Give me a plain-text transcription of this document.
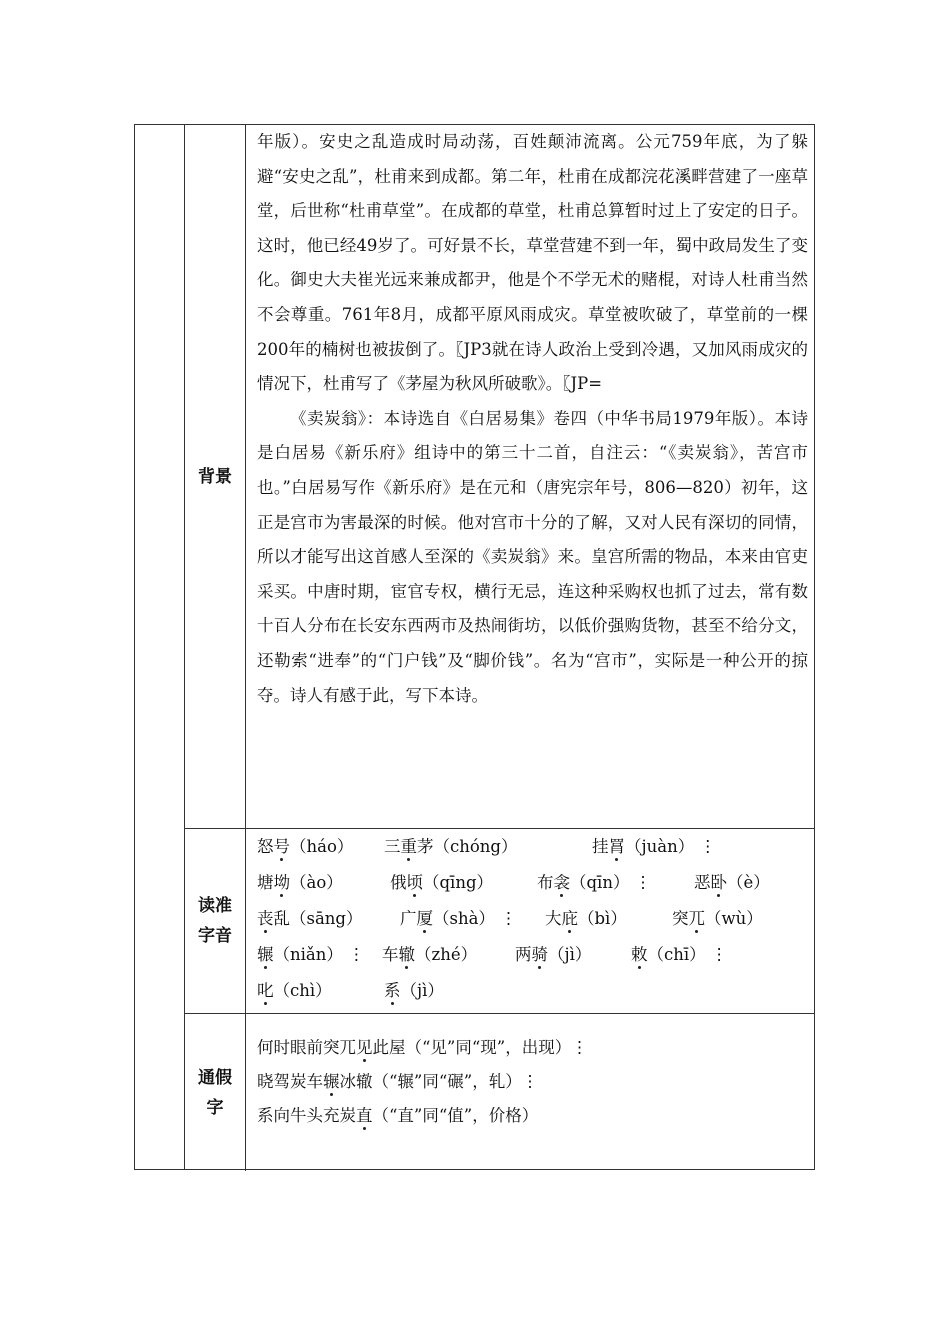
背景

年版）。安史之乱造成时局动荡，百姓颠沛流离。公元759年底，为了躲避“安史之乱”，杜甫来到成都。第二年，杜甫在成都浣花溪畔营建了一座草堂，后世称“杜甫草堂”。在成都的草堂，杜甫总算暂时过上了安定的日子。这时，他已经49岁了。可好景不长，草堂营建不到一年，蜀中政局发生了变化。御史大夫崔光远来兼成都尹，他是个不学无术的赌棍，对诗人杜甫当然不会尊重。761年8月，成都平原风雨成灾。草堂被吹破了，草堂前的一棵200年的楠树也被拔倒了。〖JP3就在诗人政治上受到冷遇，又加风雨成灾的情况下，杜甫写了《茅屋为秋风所破歌》。〖JP=

《卖炭翁》：本诗选自《白居易集》卷四（中华书局1979年版）。本诗是白居易《新乐府》组诗中的第三十二首，自注云：“《卖炭翁》，苦宫市也。”白居易写作《新乐府》是在元和（唐宪宗年号，806—820）初年，这正是宫市为害最深的时候。他对宫市十分的了解，又对人民有深切的同情，所以才能写出这首感人至深的《卖炭翁》来。皇宫所需的物品，本来由官吏采买。中唐时期，宦官专权，横行无忌，连这种采购权也抓了过去，常有数十百人分布在长安东西两市及热闹街坊，以低价强购货物，甚至不给分文，还勒索“进奉”的“门户钱”及“脚价钱”。名为“宫市”，实际是一种公开的掠夺。诗人有感于此，写下本诗。

读准
字音
怒号（háo） 三重茅（chóng）	挂罥（juàn） ⋮
塘坳（ào）	俄顷（qīng）	布衾（qīn） ⋮	恶卧（è）
丧乱（sāng） 广厦（shà） ⋮ 大庇（bì）	突兀（wù）
辗（niǎn） ⋮ 车辙（zhé） 两骑（jì） 敕（chī） ⋮
叱（chì）	系（jì）
通假
字
何时眼前突兀见此屋（“见”同“现”，出现）⋮
晓驾炭车辗冰辙（“辗”同“碾”，轧）⋮
系向牛头充炭直（“直”同“值”，价格）
